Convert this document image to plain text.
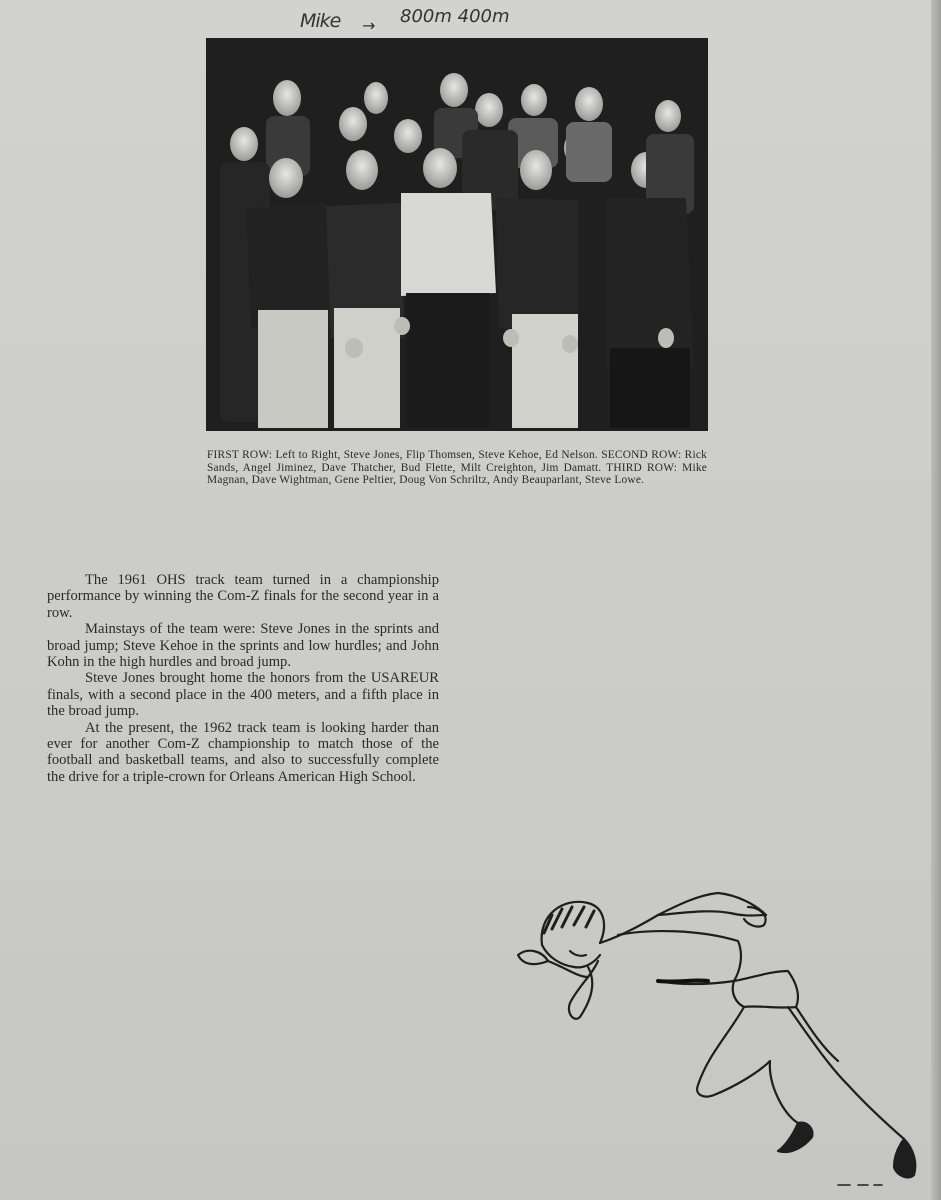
Mike → 800m 400m
FIRST ROW: Left to Right, Steve Jones, Flip Thomsen, Steve Kehoe, Ed Nelson. SECOND ROW: Rick Sands, Angel Jiminez, Dave Thatcher, Bud Flette, Milt Creighton, Jim Damatt. THIRD ROW: Mike Magnan, Dave Wightman, Gene Peltier, Doug Von Schriltz, Andy Beauparlant, Steve Lowe.

The 1961 OHS track team turned in a championship performance by winning the Com-Z finals for the second year in a row.

Mainstays of the team were: Steve Jones in the sprints and broad jump; Steve Kehoe in the sprints and low hurdles; and John Kohn in the high hurdles and broad jump.

Steve Jones brought home the honors from the USAREUR finals, with a second place in the 400 meters, and a fifth place in the broad jump.

At the present, the 1962 track team is looking harder than ever for another Com-Z championship to match those of the football and basketball teams, and also to successfully complete the drive for a triple-crown for Orleans American High School.
